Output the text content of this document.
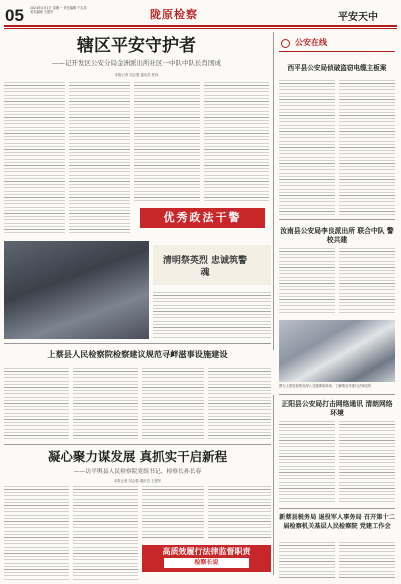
05 2024年4月1日 星期一 责任编辑 于志英 美术编辑 王建华	陇原检察	平安天中
辖区平安守护者
——记开发区公安分局金洲派出所社区一中队中队长肖国成
本报记者 刘志强 通讯员 张伟
优秀政法干警
清明祭英烈 忠诚筑警魂
公安在线
西平县公安局侦破盗窃电缆主板案
汝南县公安局李良派出所 联合中队 警校共建
图为上蔡县检察官深入交通事故现场，了解情况并进行法律宣传
上蔡县人民检察院检察建议规范寻衅滋事设施建设
正阳县公安局打击网络通讯 清朗网络环境
凝心聚力谋发展 真抓实干启新程
——访平舆县人民检察院党组书记、检察长孙长春
本报记者 刘志强 通讯员 王建华
高质效履行法律监督职责
检察长说
新蔡县税务局 退役军人事务局 召开第十二届检察机关基层人民检察院 党建工作会
